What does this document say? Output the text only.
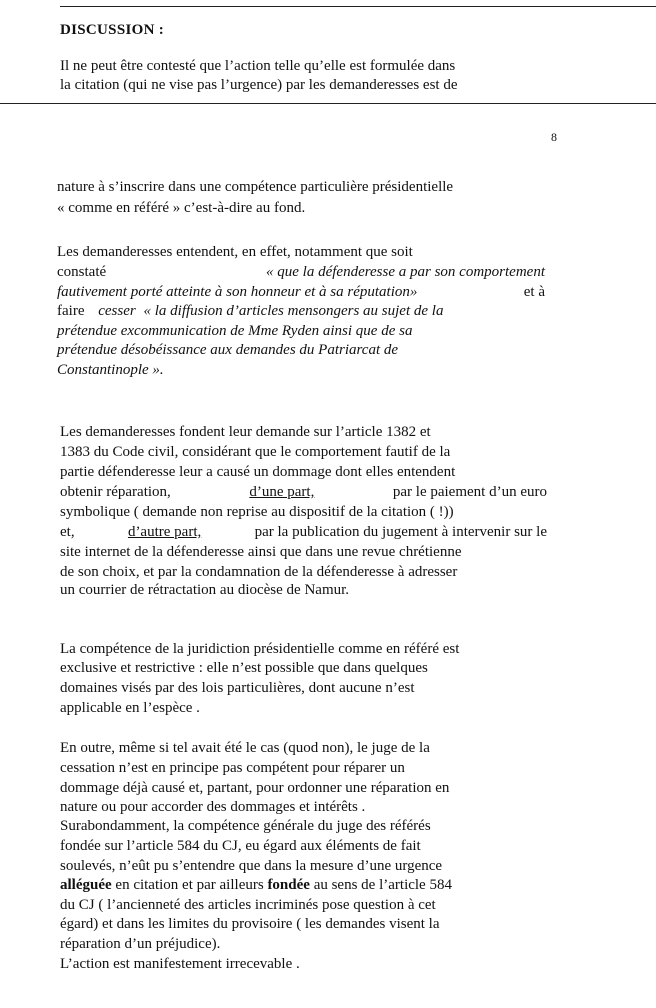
DISCUSSION :
Il ne peut être contesté que l’action telle qu’elle est formulée dans
la citation (qui ne vise pas l’urgence) par les demanderesses est de
8
nature à s’inscrire dans une compétence particulière présidentielle
« comme en référé » c’est-à-dire au fond.
Les demanderesses entendent, en effet, notamment que soit
constaté	« que la défenderesse a par son comportement
fautivement porté atteinte à son honneur et à sa réputation»	et à
faire cesser « la diffusion d’articles mensongers au sujet de la
prétendue excommunication de Mme Ryden ainsi que de sa
prétendue désobéissance aux demandes du Patriarcat de
Constantinople ».
Les demanderesses fondent leur demande sur l’article 1382 et
1383 du Code civil, considérant que le comportement fautif de la
partie défenderesse leur a causé un dommage dont elles entendent
obtenir réparation,	d’une part,	par le paiement d’un euro
symbolique ( demande non reprise au dispositif de la citation ( !))
et,	d’autre part,	par la publication du jugement à intervenir sur le
site internet de la défenderesse ainsi que dans une revue chrétienne
de son choix, et par la condamnation de la défenderesse à adresser
un courrier de rétractation au diocèse de Namur.
La compétence de la juridiction présidentielle comme en référé est
exclusive et restrictive : elle n’est possible que dans quelques
domaines visés par des lois particulières, dont aucune n’est
applicable en l’espèce .
En outre, même si tel avait été le cas (quod non), le juge de la
cessation n’est en principe pas compétent pour réparer un
dommage déjà causé et, partant, pour ordonner une réparation en
nature ou pour accorder des dommages et intérêts .
Surabondamment, la compétence générale du juge des référés
fondée sur l’article 584 du CJ, eu égard aux éléments de fait
soulevés, n’eût pu s’entendre que dans la mesure d’une urgence
alléguée en citation et par ailleurs fondée au sens de l’article 584
du CJ ( l’ancienneté des articles incriminés pose question à cet
égard) et dans les limites du provisoire ( les demandes visent la
réparation d’un préjudice).
L’action est manifestement irrecevable .
